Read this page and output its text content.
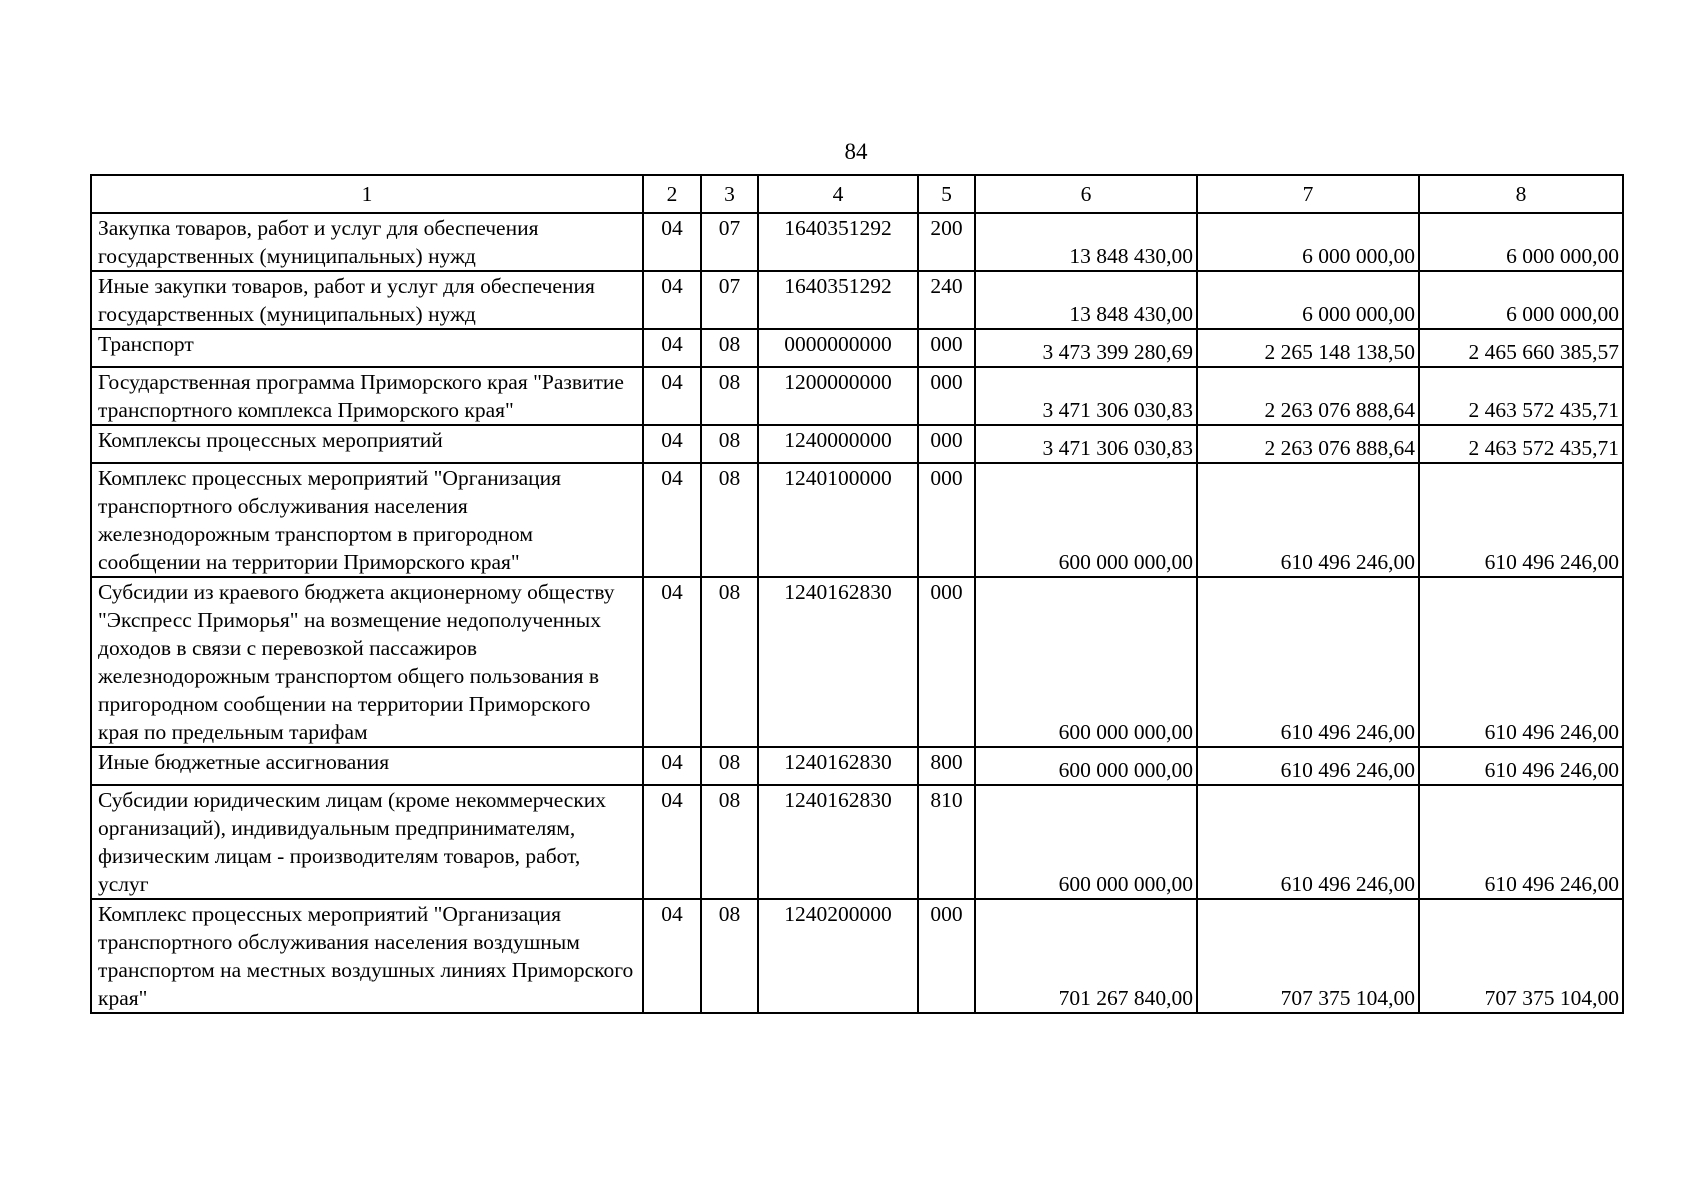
84
1	2	3	4	5	6	7	8
Закупка товаров, работ и услуг для обеспечения государственных (муниципальных) нужд	04	07	1640351292	200	13 848 430,00	6 000 000,00	6 000 000,00
Иные закупки товаров, работ и услуг для обеспечения государственных (муниципальных) нужд	04	07	1640351292	240	13 848 430,00	6 000 000,00	6 000 000,00
Транспорт	04	08	0000000000	000	3 473 399 280,69	2 265 148 138,50	2 465 660 385,57
Государственная программа Приморского края "Развитие транспортного комплекса Приморского края"	04	08	1200000000	000	3 471 306 030,83	2 263 076 888,64	2 463 572 435,71
Комплексы процессных мероприятий	04	08	1240000000	000	3 471 306 030,83	2 263 076 888,64	2 463 572 435,71
Комплекс процессных мероприятий "Организация транспортного обслуживания населения железнодорожным транспортом в пригородном сообщении на территории Приморского края"	04	08	1240100000	000	600 000 000,00	610 496 246,00	610 496 246,00
Субсидии из краевого бюджета акционерному обществу "Экспресс Приморья" на возмещение недополученных доходов в связи с перевозкой пассажиров железнодорожным транспортом общего пользования в пригородном сообщении на территории Приморского края по предельным тарифам	04	08	1240162830	000	600 000 000,00	610 496 246,00	610 496 246,00
Иные бюджетные ассигнования	04	08	1240162830	800	600 000 000,00	610 496 246,00	610 496 246,00
Субсидии юридическим лицам (кроме некоммерческих организаций), индивидуальным предпринимателям, физическим лицам - производителям товаров, работ, услуг	04	08	1240162830	810	600 000 000,00	610 496 246,00	610 496 246,00
Комплекс процессных мероприятий "Организация транспортного обслуживания населения воздушным транспортом на местных воздушных линиях Приморского края"	04	08	1240200000	000	701 267 840,00	707 375 104,00	707 375 104,00
